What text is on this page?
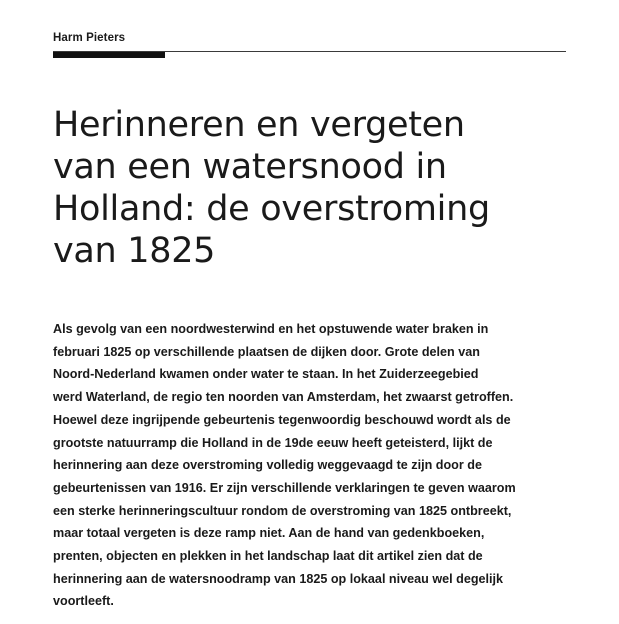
Harm Pieters
Herinneren en vergeten
van een watersnood in
Holland: de overstroming
van 1825

Als gevolg van een noordwesterwind en het opstuwende water braken in
februari 1825 op verschillende plaatsen de dijken door. Grote delen van
Noord-Nederland kwamen onder water te staan. In het Zuiderzeegebied
werd Waterland, de regio ten noorden van Amsterdam, het zwaarst getroffen.
Hoewel deze ingrijpende gebeurtenis tegenwoordig beschouwd wordt als de
grootste natuurramp die Holland in de 19de eeuw heeft geteisterd, lijkt de
herinnering aan deze overstroming volledig weggevaagd te zijn door de
gebeurtenissen van 1916. Er zijn verschillende verklaringen te geven waarom
een sterke herinneringscultuur rondom de overstroming van 1825 ontbreekt,
maar totaal vergeten is deze ramp niet. Aan de hand van gedenkboeken,
prenten, objecten en plekken in het landschap laat dit artikel zien dat de
herinnering aan de watersnoodramp van 1825 op lokaal niveau wel degelijk
voortleeft.
